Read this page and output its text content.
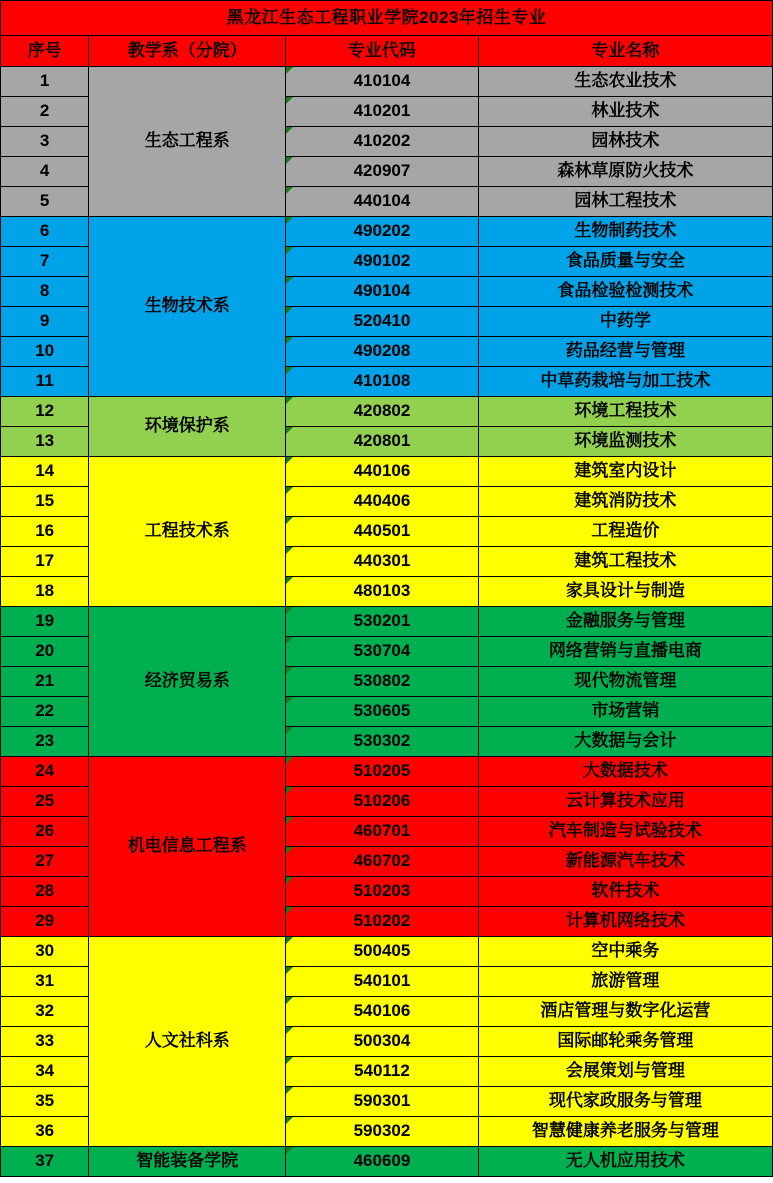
黑龙江生态工程职业学院2023年招生专业			
序号	教学系（分院）	专业代码	专业名称
1	生态工程系	410104	生态农业技术
2		410201	林业技术
3		410202	园林技术
4		420907	森林草原防火技术
5		440104	园林工程技术
6	生物技术系	490202	生物制药技术
7		490102	食品质量与安全
8		490104	食品检验检测技术
9		520410	中药学
10		490208	药品经营与管理
11		410108	中草药栽培与加工技术
12	环境保护系	420802	环境工程技术
13		420801	环境监测技术
14	工程技术系	440106	建筑室内设计
15		440406	建筑消防技术
16		440501	工程造价
17		440301	建筑工程技术
18		480103	家具设计与制造
19	经济贸易系	530201	金融服务与管理
20		530704	网络营销与直播电商
21		530802	现代物流管理
22		530605	市场营销
23		530302	大数据与会计
24	机电信息工程系	510205	大数据技术
25		510206	云计算技术应用
26		460701	汽车制造与试验技术
27		460702	新能源汽车技术
28		510203	软件技术
29		510202	计算机网络技术
30	人文社科系	500405	空中乘务
31		540101	旅游管理
32		540106	酒店管理与数字化运营
33		500304	国际邮轮乘务管理
34		540112	会展策划与管理
35		590301	现代家政服务与管理
36		590302	智慧健康养老服务与管理
37	智能装备学院	460609	无人机应用技术
